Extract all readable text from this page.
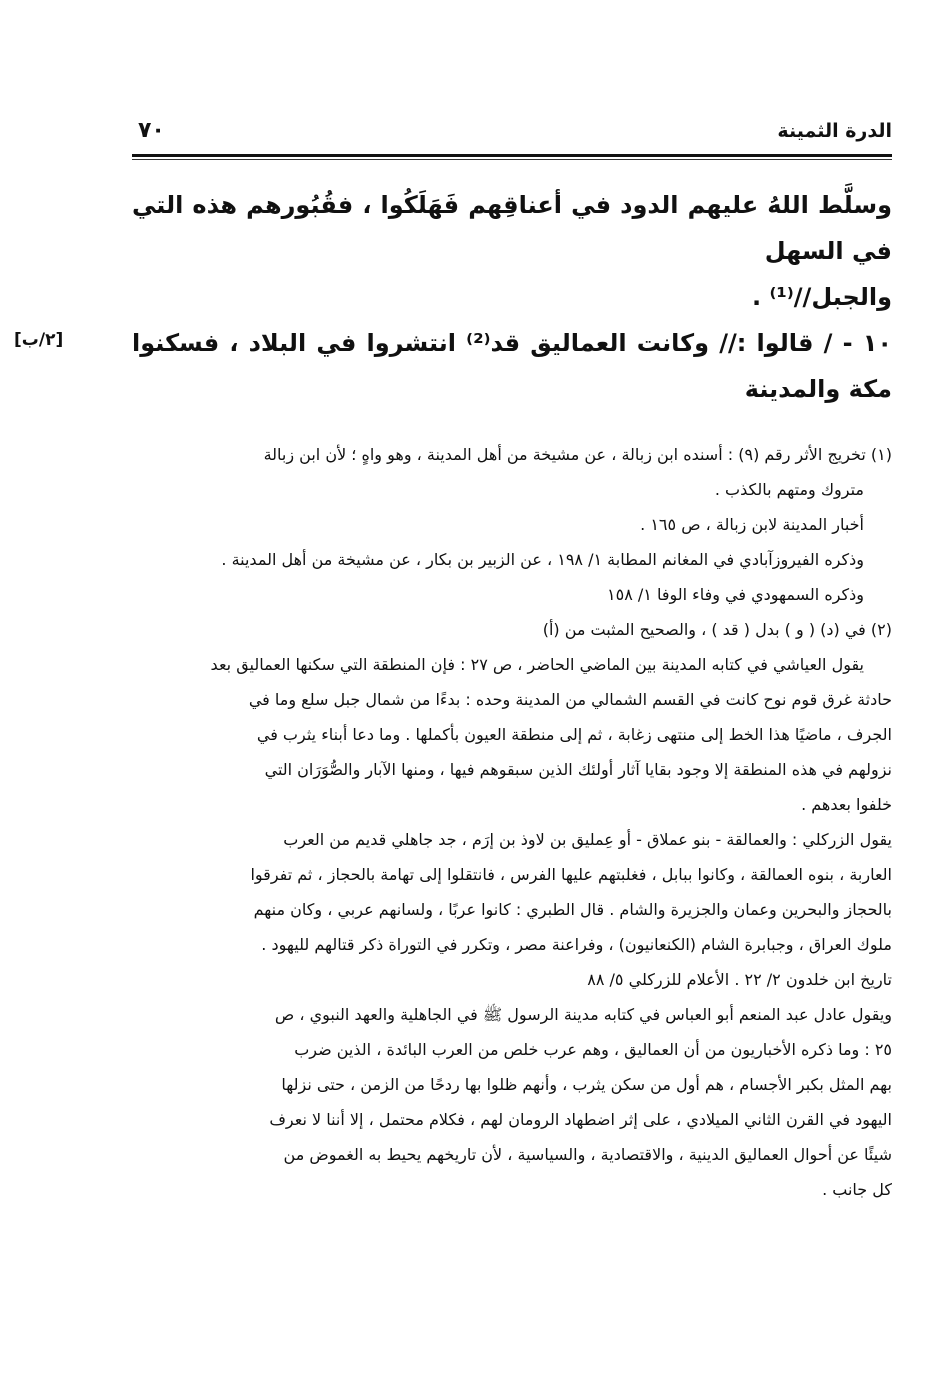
الدرة الثمينة
٧٠
وسلَّط اللهُ عليهم الدود في أعناقِهم فَهَلَكُوا ، فقُبُورهم هذه التي في السهل
والجبل//⁽¹⁾ .
١٠ - / قالوا :// وكانت العماليق قد⁽²⁾ انتشروا في البلاد ، فسكنوا مكة والمدينة
[٢/ب]
(١) تخريج الأثر رقم (٩) : أسنده ابن زبالة ، عن مشيخة من أهل المدينة ، وهو واهٍ ؛ لأن ابن زبالة
متروك ومتهم بالكذب .
أخبار المدينة لابن زبالة ، ص ١٦٥ .
وذكره الفيروزآبادي في المغانم المطابة ١/ ١٩٨ ، عن الزبير بن بكار ، عن مشيخة من أهل المدينة .
وذكره السمهودي في وفاء الوفا ١/ ١٥٨
(٢) في (د) ( و ) بدل ( قد ) ، والصحيح المثبت من (أ)
يقول العياشي في كتابه المدينة بين الماضي الحاضر ، ص ٢٧ : فإن المنطقة التي سكنها العماليق بعد
حادثة غرق قوم نوح كانت في القسم الشمالي من المدينة وحده : بدءًا من شمال جبل سلع وما في
الجرف ، ماضيًا هذا الخط إلى منتهى زغابة ، ثم إلى منطقة العيون بأكملها . وما دعا أبناء يثرب في
نزولهم في هذه المنطقة إلا وجود بقايا آثار أولئك الذين سبقوهم فيها ، ومنها الآبار والصُّوَرَان التي
خلفوا بعدهم .
يقول الزركلي : والعمالقة - بنو عملاق - أو عِمليق بن لاوذ بن إرَم ، جد جاهلي قديم من العرب
العاربة ، بنوه العمالقة ، وكانوا ببابل ، فغلبتهم عليها الفرس ، فانتقلوا إلى تهامة بالحجاز ، ثم تفرقوا
بالحجاز والبحرين وعمان والجزيرة والشام . قال الطبري : كانوا عربًا ، ولسانهم عربي ، وكان منهم
ملوك العراق ، وجبابرة الشام (الكنعانيون) ، وفراعنة مصر ، وتكرر في التوراة ذكر قتالهم لليهود .
تاريخ ابن خلدون ٢/ ٢٢ . الأعلام للزركلي ٥/ ٨٨
ويقول عادل عبد المنعم أبو العباس في كتابه مدينة الرسول ﷺ في الجاهلية والعهد النبوي ، ص
٢٥ : وما ذكره الأخباريون من أن العماليق ، وهم عرب خلص من العرب البائدة ، الذين ضرب
بهم المثل بكبر الأجسام ، هم أول من سكن يثرب ، وأنهم ظلوا بها ردحًا من الزمن ، حتى نزلها
اليهود في القرن الثاني الميلادي ، على إثر اضطهاد الرومان لهم ، فكلام محتمل ، إلا أننا لا نعرف
شيئًا عن أحوال العماليق الدينية ، والاقتصادية ، والسياسية ، لأن تاريخهم يحيط به الغموض من
كل جانب .
